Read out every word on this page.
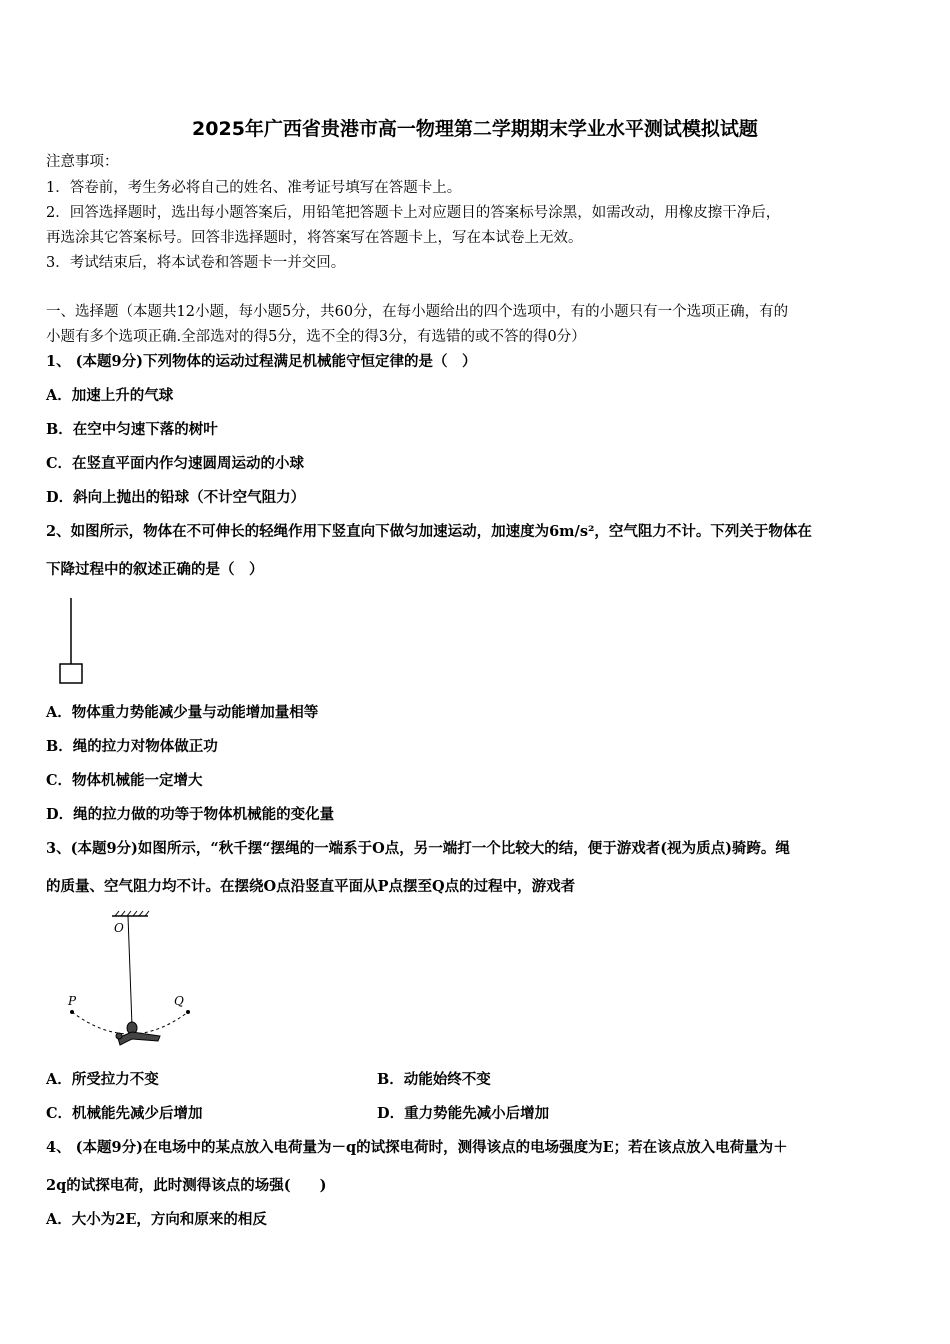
2025年广西省贵港市高一物理第二学期期末学业水平测试模拟试题
注意事项：
1．答卷前，考生务必将自己的姓名、准考证号填写在答题卡上。
2．回答选择题时，选出每小题答案后，用铅笔把答题卡上对应题目的答案标号涂黑，如需改动，用橡皮擦干净后，
再选涂其它答案标号。回答非选择题时，将答案写在答题卡上，写在本试卷上无效。
3．考试结束后，将本试卷和答题卡一并交回。
一、选择题（本题共12小题，每小题5分，共60分，在每小题给出的四个选项中，有的小题只有一个选项正确，有的
小题有多个选项正确.全部选对的得5分，选不全的得3分，有选错的或不答的得0分）
1、 (本题9分)下列物体的运动过程满足机械能守恒定律的是（　）
A．加速上升的气球
B．在空中匀速下落的树叶
C．在竖直平面内作匀速圆周运动的小球
D．斜向上抛出的铅球（不计空气阻力）
2、如图所示，物体在不可伸长的轻绳作用下竖直向下做匀加速运动，加速度为6m/s²，空气阻力不计。下列关于物体在
下降过程中的叙述正确的是（　）
A．物体重力势能减少量与动能增加量相等
B．绳的拉力对物体做正功
C．物体机械能一定增大
D．绳的拉力做的功等于物体机械能的变化量
3、(本题9分)如图所示，“秋千摆“摆绳的一端系于O点，另一端打一个比较大的结，便于游戏者(视为质点)骑跨。绳
的质量、空气阻力均不计。在摆绕O点沿竖直平面从P点摆至Q点的过程中，游戏者
O
P	Q
A．所受拉力不变	B．动能始终不变
C．机械能先减少后增加	D．重力势能先减小后增加
4、 (本题9分)在电场中的某点放入电荷量为－q的试探电荷时，测得该点的电场强度为E；若在该点放入电荷量为＋
2q的试探电荷，此时测得该点的场强(　　)
A．大小为2E，方向和原来的相反
